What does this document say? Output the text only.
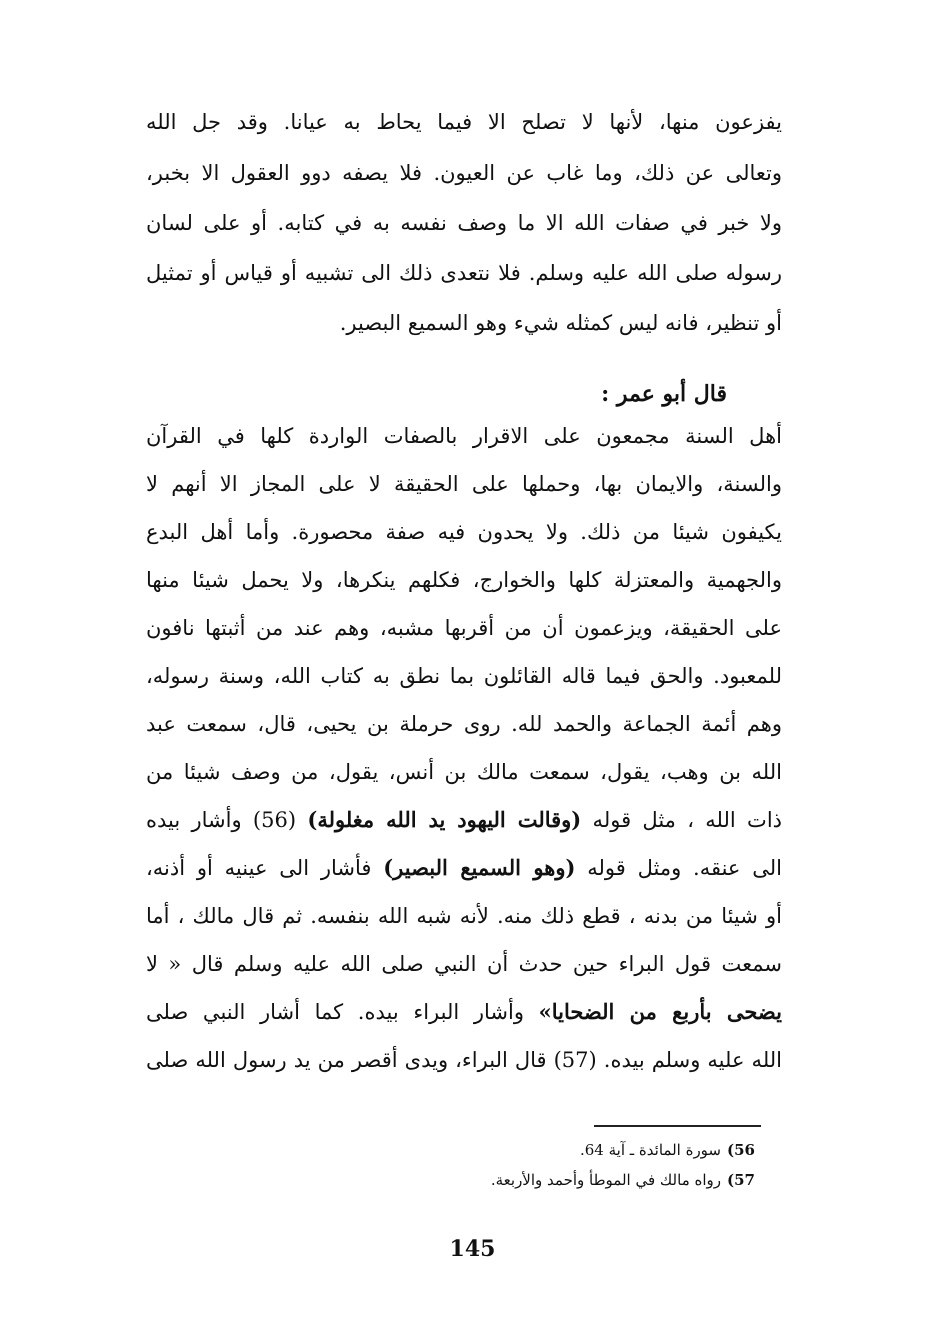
يفزعون منها، لأنها لا تصلح الا فيما يحاط به عيانا. وقد جل الله
وتعالى عن ذلك، وما غاب عن العيون. فلا يصفه دوو العقول الا بخبر،
ولا خبر في صفات الله الا ما وصف نفسه به في كتابه. أو على لسان
رسوله صلى الله عليه وسلم. فلا نتعدى ذلك الى تشبيه أو قياس أو تمثيل
أو تنظير، فانه ليس كمثله شيء وهو السميع البصير.
قال أبو عمر :
أهل السنة مجمعون على الاقرار بالصفات الواردة كلها في القرآن
والسنة، والايمان بها، وحملها على الحقيقة لا على المجاز الا أنهم لا
يكيفون شيئا من ذلك. ولا يحدون فيه صفة محصورة. وأما أهل البدع
والجهمية والمعتزلة كلها والخوارج، فكلهم ينكرها، ولا يحمل شيئا منها
على الحقيقة، ويزعمون أن من أقربها مشبه، وهم عند من أثبتها نافون
للمعبود. والحق فيما قاله القائلون بما نطق به كتاب الله، وسنة رسوله،
وهم أئمة الجماعة والحمد لله. روى حرملة بن يحيى، قال، سمعت عبد
الله بن وهب، يقول، سمعت مالك بن أنس، يقول، من وصف شيئا من
ذات الله ، مثل قوله (وقالت اليهود يد الله مغلولة) (56) وأشار بيده
الى عنقه. ومثل قوله (وهو السميع البصير) فأشار الى عينيه أو أذنه،
أو شيئا من بدنه ، قطع ذلك منه. لأنه شبه الله بنفسه. ثم قال مالك ، أما
سمعت قول البراء حين حدث أن النبي صلى الله عليه وسلم قال « لا
يضحى بأربع من الضحايا» وأشار البراء بيده. كما أشار النبي صلى
الله عليه وسلم بيده. (57) قال البراء، ويدى أقصر من يد رسول الله صلى
56)سورة المائدة ـ آية 64.
57)رواه مالك في الموطأ وأحمد والأربعة.
145
